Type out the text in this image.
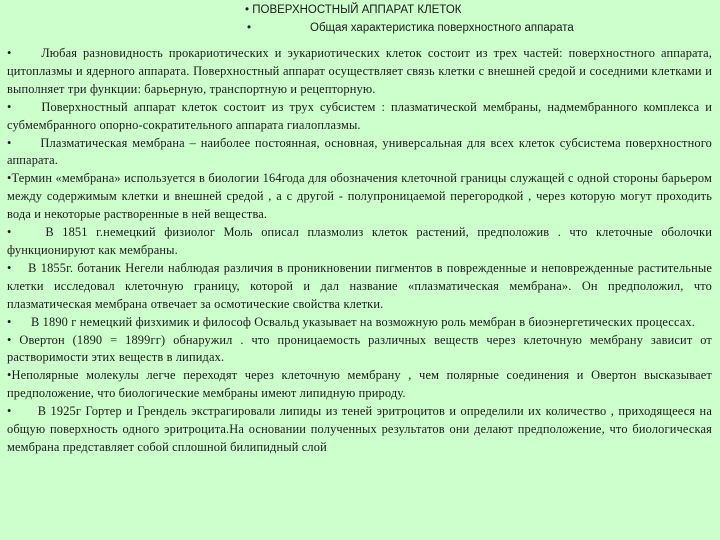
• ПОВЕРХНОСТНЫЙ АППАРАТ КЛЕТОК

•	Общая характеристика поверхностного аппарата

•     Любая разновидность прокариотических и эукариотических клеток состоит из трех частей: поверхностного аппарата, цитоплазмы и ядерного аппарата. Поверхностный аппарат осуществляет связь клетки с внешней средой и соседними клетками и выполняет три функции: барьерную, транспортную и рецепторную.

•     Поверхностный аппарат клеток состоит из трух субсистем : плазматической мембраны, надмембранного комплекса и субмембранного опорно-сократительного аппарата гиалоплазмы.

•      Плазматическая мембрана – наиболее постоянная, основная, универсальная для всех клеток субсистема поверхностного аппарата.

•Термин «мембрана» используется в биологии 164года для обозначения клеточной границы служащей с одной стороны барьером между содержимым клетки и внешней средой , а с другой - полупроницаемой перегородкой , через которую могут проходить вода и некоторые растворенные в ней вещества.

•    В 1851 г.немецкий физиолог Моль описал плазмолиз клеток растений, предположив . что клеточные оболочки функционируют как мембраны.

•    В 1855г. ботаник Негели наблюдая различия в проникновении пигментов в поврежденные и неповрежденные растительные клетки исследовал клеточную границу, которой и дал название «плазматическая мембрана». Он предположил, что плазматическая мембрана отвечает за осмотические свойства клетки.

•      В 1890 г немецкий физхимик и философ Освальд указывает на возможную роль мембран в биоэнергетических процессах.

• Овертон (1890 = 1899гг) обнаружил . что проницаемость различных веществ через клеточную мембрану зависит от растворимости этих веществ в липидах.

•Неполярные молекулы легче переходят через клеточную мембрану , чем полярные соединения и Овертон высказывает предположение, что биологические мембраны имеют липидную природу.

•      В 1925г Гортер и Грендель экстрагировали липиды из теней эритроцитов и определили их количество , приходящееся на общую поверхность одного эритроцита.На основании полученных результатов они делают предположение, что биологическая мембрана представляет собой сплошной билипидный слой
